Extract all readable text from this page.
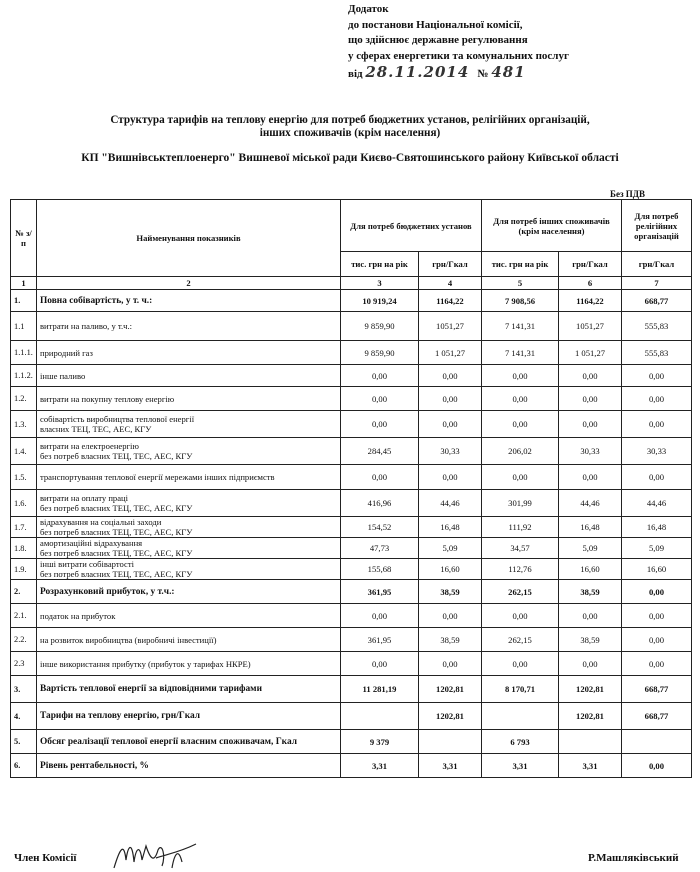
Додаток
до постанови Національної комісії,
що здійснює державне регулювання
у сферах енергетики та комунальних послуг
від 28.11.2014 № 481
Структура тарифів на теплову енергію для потреб бюджетних установ, релігійних організацій,
інших споживачів (крім населення)
КП "Вишнівськтеплоенерго" Вишневої міської ради Києво-Святошинського району Київської області
Без ПДВ
№ з/п	Найменування показників	Для потреб бюджетних установ		Для потреб інших споживачів (крім населення)		Для потреб релігійних організацій
		тис. грн на рік	грн/Гкал	тис. грн на рік	грн/Гкал	грн/Гкал
1	2	3	4	5	6	7
1.	Повна собівартість, у т. ч.:	10 919,24	1164,22	7 908,56	1164,22	668,77
1.1	витрати на паливо, у т.ч.:	9 859,90	1051,27	7 141,31	1051,27	555,83
1.1.1.	природний газ	9 859,90	1 051,27	7 141,31	1 051,27	555,83
1.1.2.	інше паливо	0,00	0,00	0,00	0,00	0,00
1.2.	витрати на покупну теплову енергію	0,00	0,00	0,00	0,00	0,00
1.3.	собівартість виробництва теплової енергії
власних ТЕЦ, ТЕС, АЕС, КГУ	0,00	0,00	0,00	0,00	0,00
1.4.	витрати на електроенергію
без потреб власних ТЕЦ, ТЕС, АЕС, КГУ	284,45	30,33	206,02	30,33	30,33
1.5.	транспортування теплової енергії мережами інших підприємств	0,00	0,00	0,00	0,00	0,00
1.6.	витрати на оплату праці
без потреб власних ТЕЦ, ТЕС, АЕС, КГУ	416,96	44,46	301,99	44,46	44,46
1.7.	відрахування на соціальні заходи
без потреб власних ТЕЦ, ТЕС, АЕС, КГУ	154,52	16,48	111,92	16,48	16,48
1.8.	амортизаційні відрахування
без потреб власних ТЕЦ, ТЕС, АЕС, КГУ	47,73	5,09	34,57	5,09	5,09
1.9.	інші витрати собівартості
без потреб власних ТЕЦ, ТЕС, АЕС, КГУ	155,68	16,60	112,76	16,60	16,60
2.	Розрахунковий прибуток, у т.ч.:	361,95	38,59	262,15	38,59	0,00
2.1.	податок на прибуток	0,00	0,00	0,00	0,00	0,00
2.2.	на розвиток виробництва (виробничі інвестиції)	361,95	38,59	262,15	38,59	0,00
2.3	інше використання прибутку (прибуток у тарифах НКРЕ)	0,00	0,00	0,00	0,00	0,00
3.	Вартість теплової енергії за відповідними тарифами	11 281,19	1202,81	8 170,71	1202,81	668,77
4.	Тарифи на теплову енергію, грн/Гкал		1202,81		1202,81	668,77
5.	Обсяг реалізації теплової енергії власним споживачам, Гкал	9 379		6 793		
6.	Рівень рентабельності, %	3,31	3,31	3,31	3,31	0,00
Член Комісії	Р.Машляківський
